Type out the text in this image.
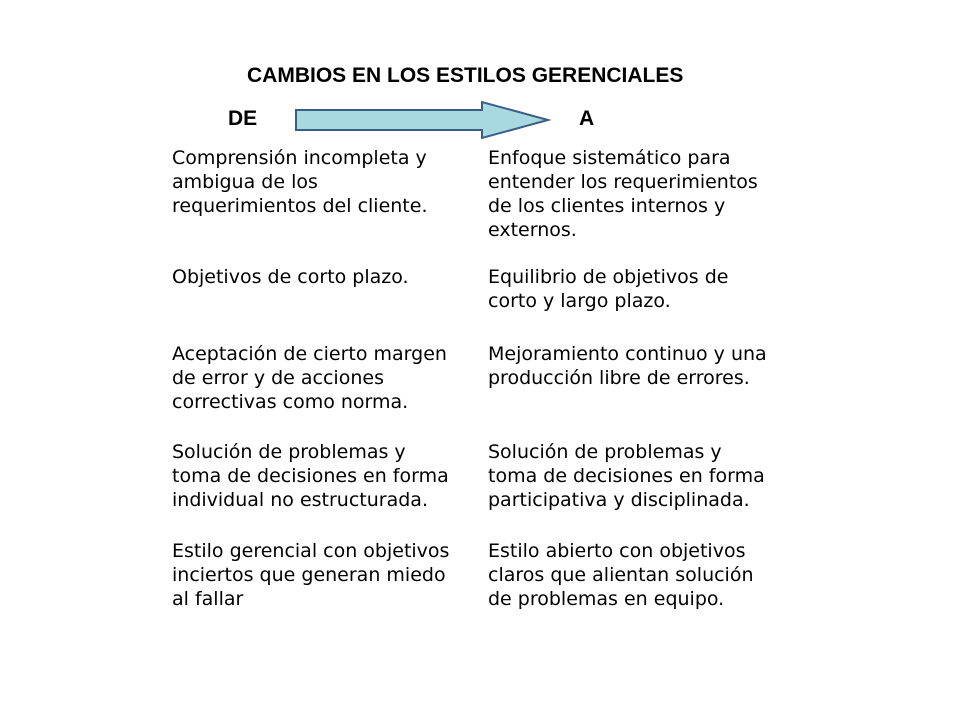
CAMBIOS EN LOS ESTILOS GERENCIALES
DE	A
Comprensión incompleta y
ambigua de los
requerimientos del cliente.
Objetivos de corto plazo.
Aceptación de cierto margen
de error y de acciones
correctivas como norma.
Solución de problemas y
toma de decisiones en forma
individual no estructurada.
Estilo gerencial con objetivos
inciertos que generan miedo
al fallar
Enfoque sistemático para
entender los requerimientos
de los clientes internos y
externos.
Equilibrio de objetivos de
corto y largo plazo.
Mejoramiento continuo y una
producción libre de errores.
Solución de problemas y
toma de decisiones en forma
participativa y disciplinada.
Estilo abierto con objetivos
claros que alientan solución
de problemas en equipo.
